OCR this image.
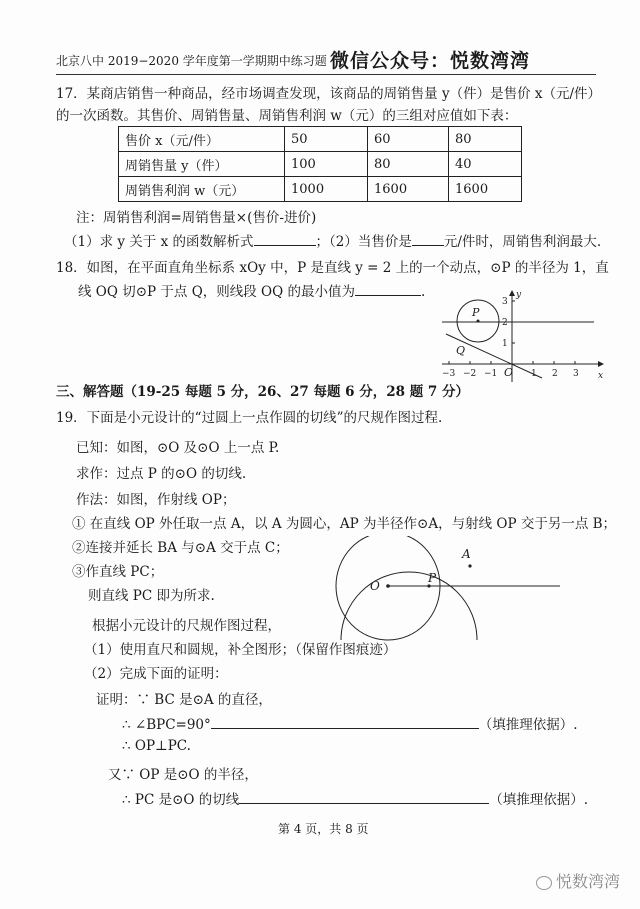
北京八中 2019−2020 学年度第一学期期中练习题 微信公众号：悦数湾湾
17．某商店销售一种商品，经市场调查发现，该商品的周销售量 y（件）是售价 x（元/件）
的一次函数。其售价、周销售量、周销售利润 w（元）的三组对应值如下表：
售价 x（元/件）	50	60	80
周销售量 y（件）	100	80	40
周销售利润 w（元）	1000	1600	1600
注：周销售利润=周销售量×(售价-进价)
（1）求 y 关于 x 的函数解析式	；（2）当售价是 元/件时，周销售利润最大.
18．如图，在平面直角坐标系 xOy 中，P 是直线 y = 2 上的一个动点，⊙P 的半径为 1，直
线 OQ 切⊙P 于点 Q，则线段 OQ 的最小值为	.
−3 −2 −1	1 2 3
3
2
1
x
y
O
P
Q
三、解答题（19-25 每题 5 分，26、27 每题 6 分，28 题 7 分）
19．下面是小元设计的“过圆上一点作圆的切线”的尺规作图过程.
已知：如图，⊙O 及⊙O 上一点 P.
求作：过点 P 的⊙O 的切线.
作法：如图，作射线 OP；
① 在直线 OP 外任取一点 A，以 A 为圆心，AP 为半径作⊙A，与射线 OP 交于另一点 B；
②连接并延长 BA 与⊙A 交于点 C；
③作直线 PC；
则直线 PC 即为所求.
O
P
A
根据小元设计的尺规作图过程，
（1）使用直尺和圆规，补全图形；（保留作图痕迹）
（2）完成下面的证明：
证明：∵ BC 是⊙A 的直径，
∴ ∠BPC=90°	（填推理依据）.
∴ OP⊥PC.
又∵ OP 是⊙O 的半径，
∴ PC 是⊙O 的切线	（填推理依据）.
第 4 页，共 8 页
悦数湾湾
